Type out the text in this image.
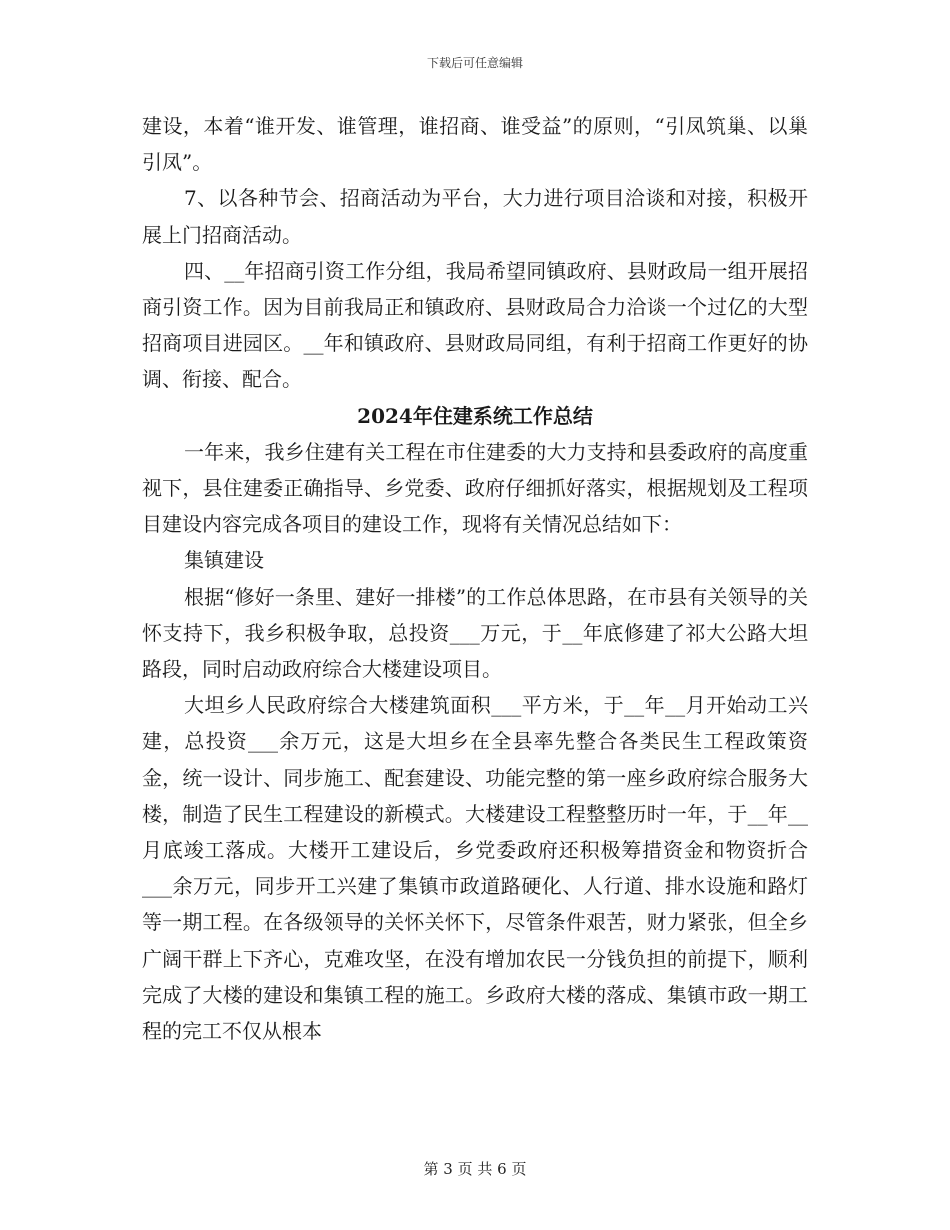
下载后可任意编辑

建设，本着“谁开发、谁管理，谁招商、谁受益”的原则，“引凤筑巢、以巢引凤”。

7、以各种节会、招商活动为平台，大力进行项目洽谈和对接，积极开展上门招商活动。

四、__年招商引资工作分组，我局希望同镇政府、县财政局一组开展招商引资工作。因为目前我局正和镇政府、县财政局合力洽谈一个过亿的大型招商项目进园区。__年和镇政府、县财政局同组，有利于招商工作更好的协调、衔接、配合。

2024年住建系统工作总结

一年来，我乡住建有关工程在市住建委的大力支持和县委政府的高度重视下，县住建委正确指导、乡党委、政府仔细抓好落实，根据规划及工程项目建设内容完成各项目的建设工作，现将有关情况总结如下：

集镇建设

根据“修好一条里、建好一排楼”的工作总体思路，在市县有关领导的关怀支持下，我乡积极争取，总投资___万元，于__年底修建了祁大公路大坦路段，同时启动政府综合大楼建设项目。

大坦乡人民政府综合大楼建筑面积___平方米，于__年__月开始动工兴建，总投资___余万元，这是大坦乡在全县率先整合各类民生工程政策资金，统一设计、同步施工、配套建设、功能完整的第一座乡政府综合服务大楼，制造了民生工程建设的新模式。大楼建设工程整整历时一年，于__年__月底竣工落成。大楼开工建设后，乡党委政府还积极筹措资金和物资折合___余万元，同步开工兴建了集镇市政道路硬化、人行道、排水设施和路灯等一期工程。在各级领导的关怀关怀下，尽管条件艰苦，财力紧张，但全乡广阔干群上下齐心，克难攻坚，在没有增加农民一分钱负担的前提下，顺利完成了大楼的建设和集镇工程的施工。乡政府大楼的落成、集镇市政一期工程的完工不仅从根本

第 3 页 共 6 页
